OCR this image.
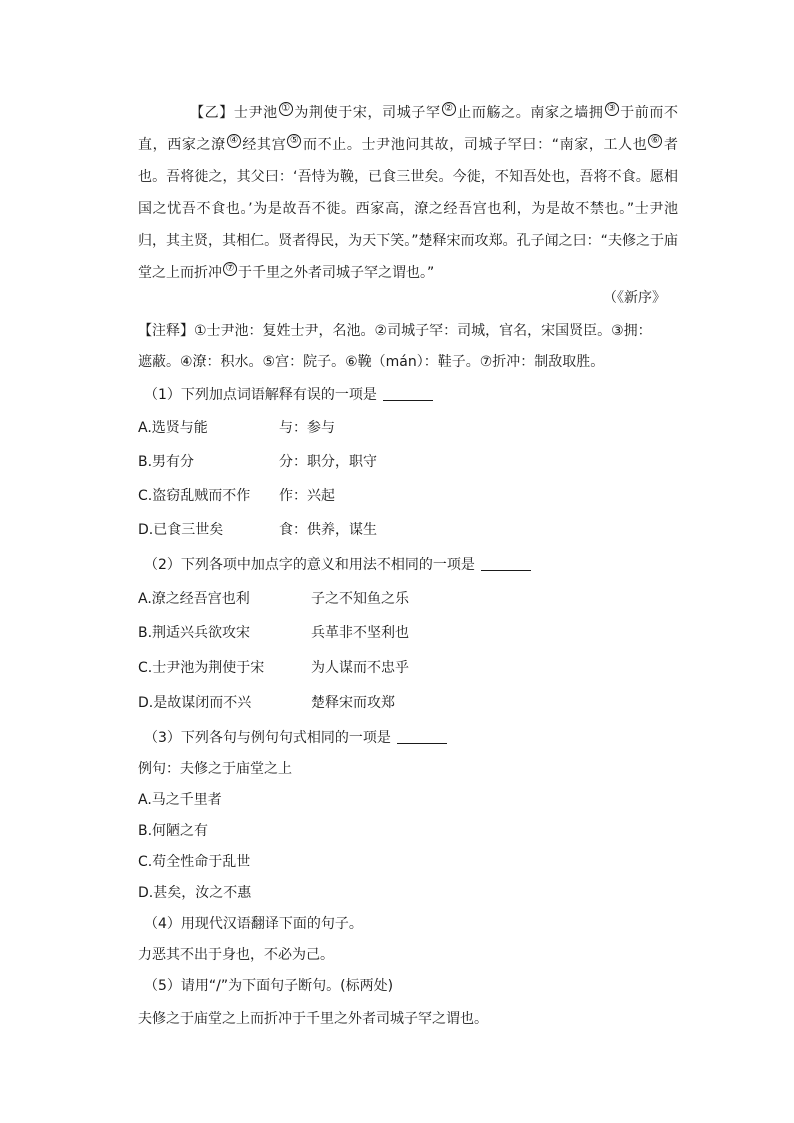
【乙】士尹池 ① 为荆使于宋，司城子罕 ② 止而觞之。南家之墙拥 ③ 于前而不直，西家之潦 ④ 经其宫 ⑤ 而不止。士尹池问其故，司城子罕曰：“南家，工人也 ⑥ 者也。吾将徙之，其父曰：‘吾恃为鞔，已食三世矣。今徙，不知吾处也，吾将不食。愿相国之忧吾不食也。’为是故吾不徙。西家高，潦之经吾宫也利，为是故不禁也。”士尹池归，其主贤，其相仁。贤者得民，为天下笑。”楚释宋而攻郑。孔子闻之曰：“夫修之于庙堂之上而折冲 ⑦ 于千里之外者司城子罕之谓也。”

（《新序》
【注释】①士尹池：复姓士尹，名池。②司城子罕：司城，官名，宋国贤臣。③拥：
遮蔽。④潦：积水。⑤宫：院子。⑥鞔（mán）：鞋子。⑦折冲：制敌取胜。
（1）下列加点词语解释有误的一项是
A.选贤与能	与：参与
B.男有分	分：职分，职守
C.盗窃乱贼而不作 作：兴起
D.已食三世矣	食：供养，谋生
（2）下列各项中加点字的意义和用法不相同的一项是
A.潦之经吾宫也利	子之不知鱼之乐
B.荆适兴兵欲攻宋	兵革非不坚利也
C.士尹池为荆使于宋	为人谋而不忠乎
D.是故谋闭而不兴	楚释宋而攻郑
（3）下列各句与例句句式相同的一项是
例句：夫修之于庙堂之上
A.马之千里者
B.何陋之有
C.苟全性命于乱世
D.甚矣，汝之不惠
（4）用现代汉语翻译下面的句子。
力恶其不出于身也，不必为己。
（5）请用“/”为下面句子断句。(标两处)
夫修之于庙堂之上而折冲于千里之外者司城子罕之谓也。
